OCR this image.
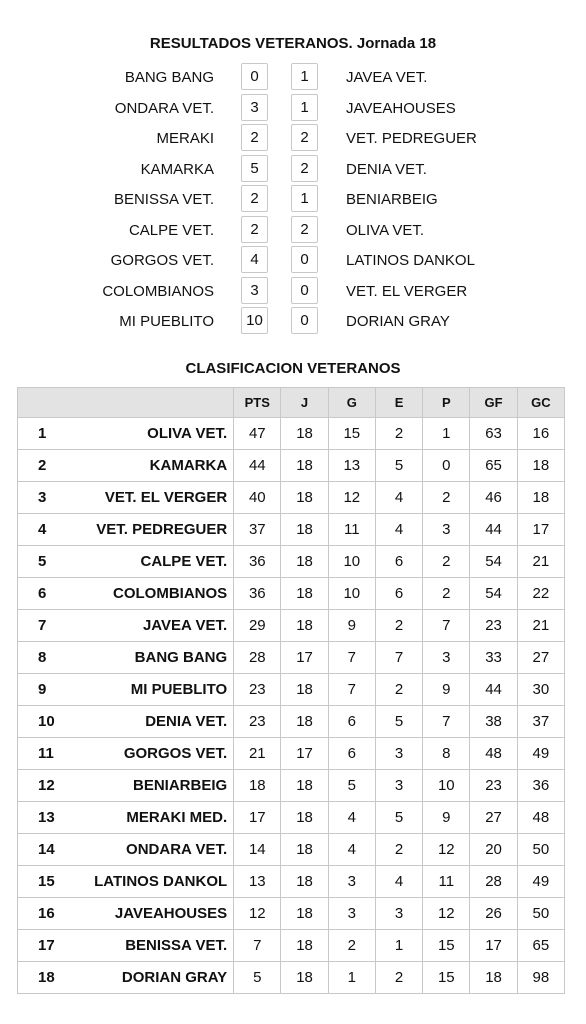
RESULTADOS VETERANOS. Jornada 18
BANG BANG	0	1	JAVEA VET.
ONDARA VET.	3	1	JAVEAHOUSES
MERAKI	2	2	VET. PEDREGUER
KAMARKA	5	2	DENIA VET.
BENISSA VET.	2	1	BENIARBEIG
CALPE VET.	2	2	OLIVA VET.
GORGOS VET.	4	0	LATINOS DANKOL
COLOMBIANOS	3	0	VET. EL VERGER
MI PUEBLITO	10	0	DORIAN GRAY
CLASIFICACION VETERANOS
		PTS	J	G	E	P	GF	GC
1	OLIVA VET.	47	18	15	2	1	63	16
2	KAMARKA	44	18	13	5	0	65	18
3	VET. EL VERGER	40	18	12	4	2	46	18
4	VET. PEDREGUER	37	18	11	4	3	44	17
5	CALPE VET.	36	18	10	6	2	54	21
6	COLOMBIANOS	36	18	10	6	2	54	22
7	JAVEA VET.	29	18	9	2	7	23	21
8	BANG BANG	28	17	7	7	3	33	27
9	MI PUEBLITO	23	18	7	2	9	44	30
10	DENIA VET.	23	18	6	5	7	38	37
11	GORGOS VET.	21	17	6	3	8	48	49
12	BENIARBEIG	18	18	5	3	10	23	36
13	MERAKI MED.	17	18	4	5	9	27	48
14	ONDARA VET.	14	18	4	2	12	20	50
15	LATINOS DANKOL	13	18	3	4	11	28	49
16	JAVEAHOUSES	12	18	3	3	12	26	50
17	BENISSA VET.	7	18	2	1	15	17	65
18	DORIAN GRAY	5	18	1	2	15	18	98
